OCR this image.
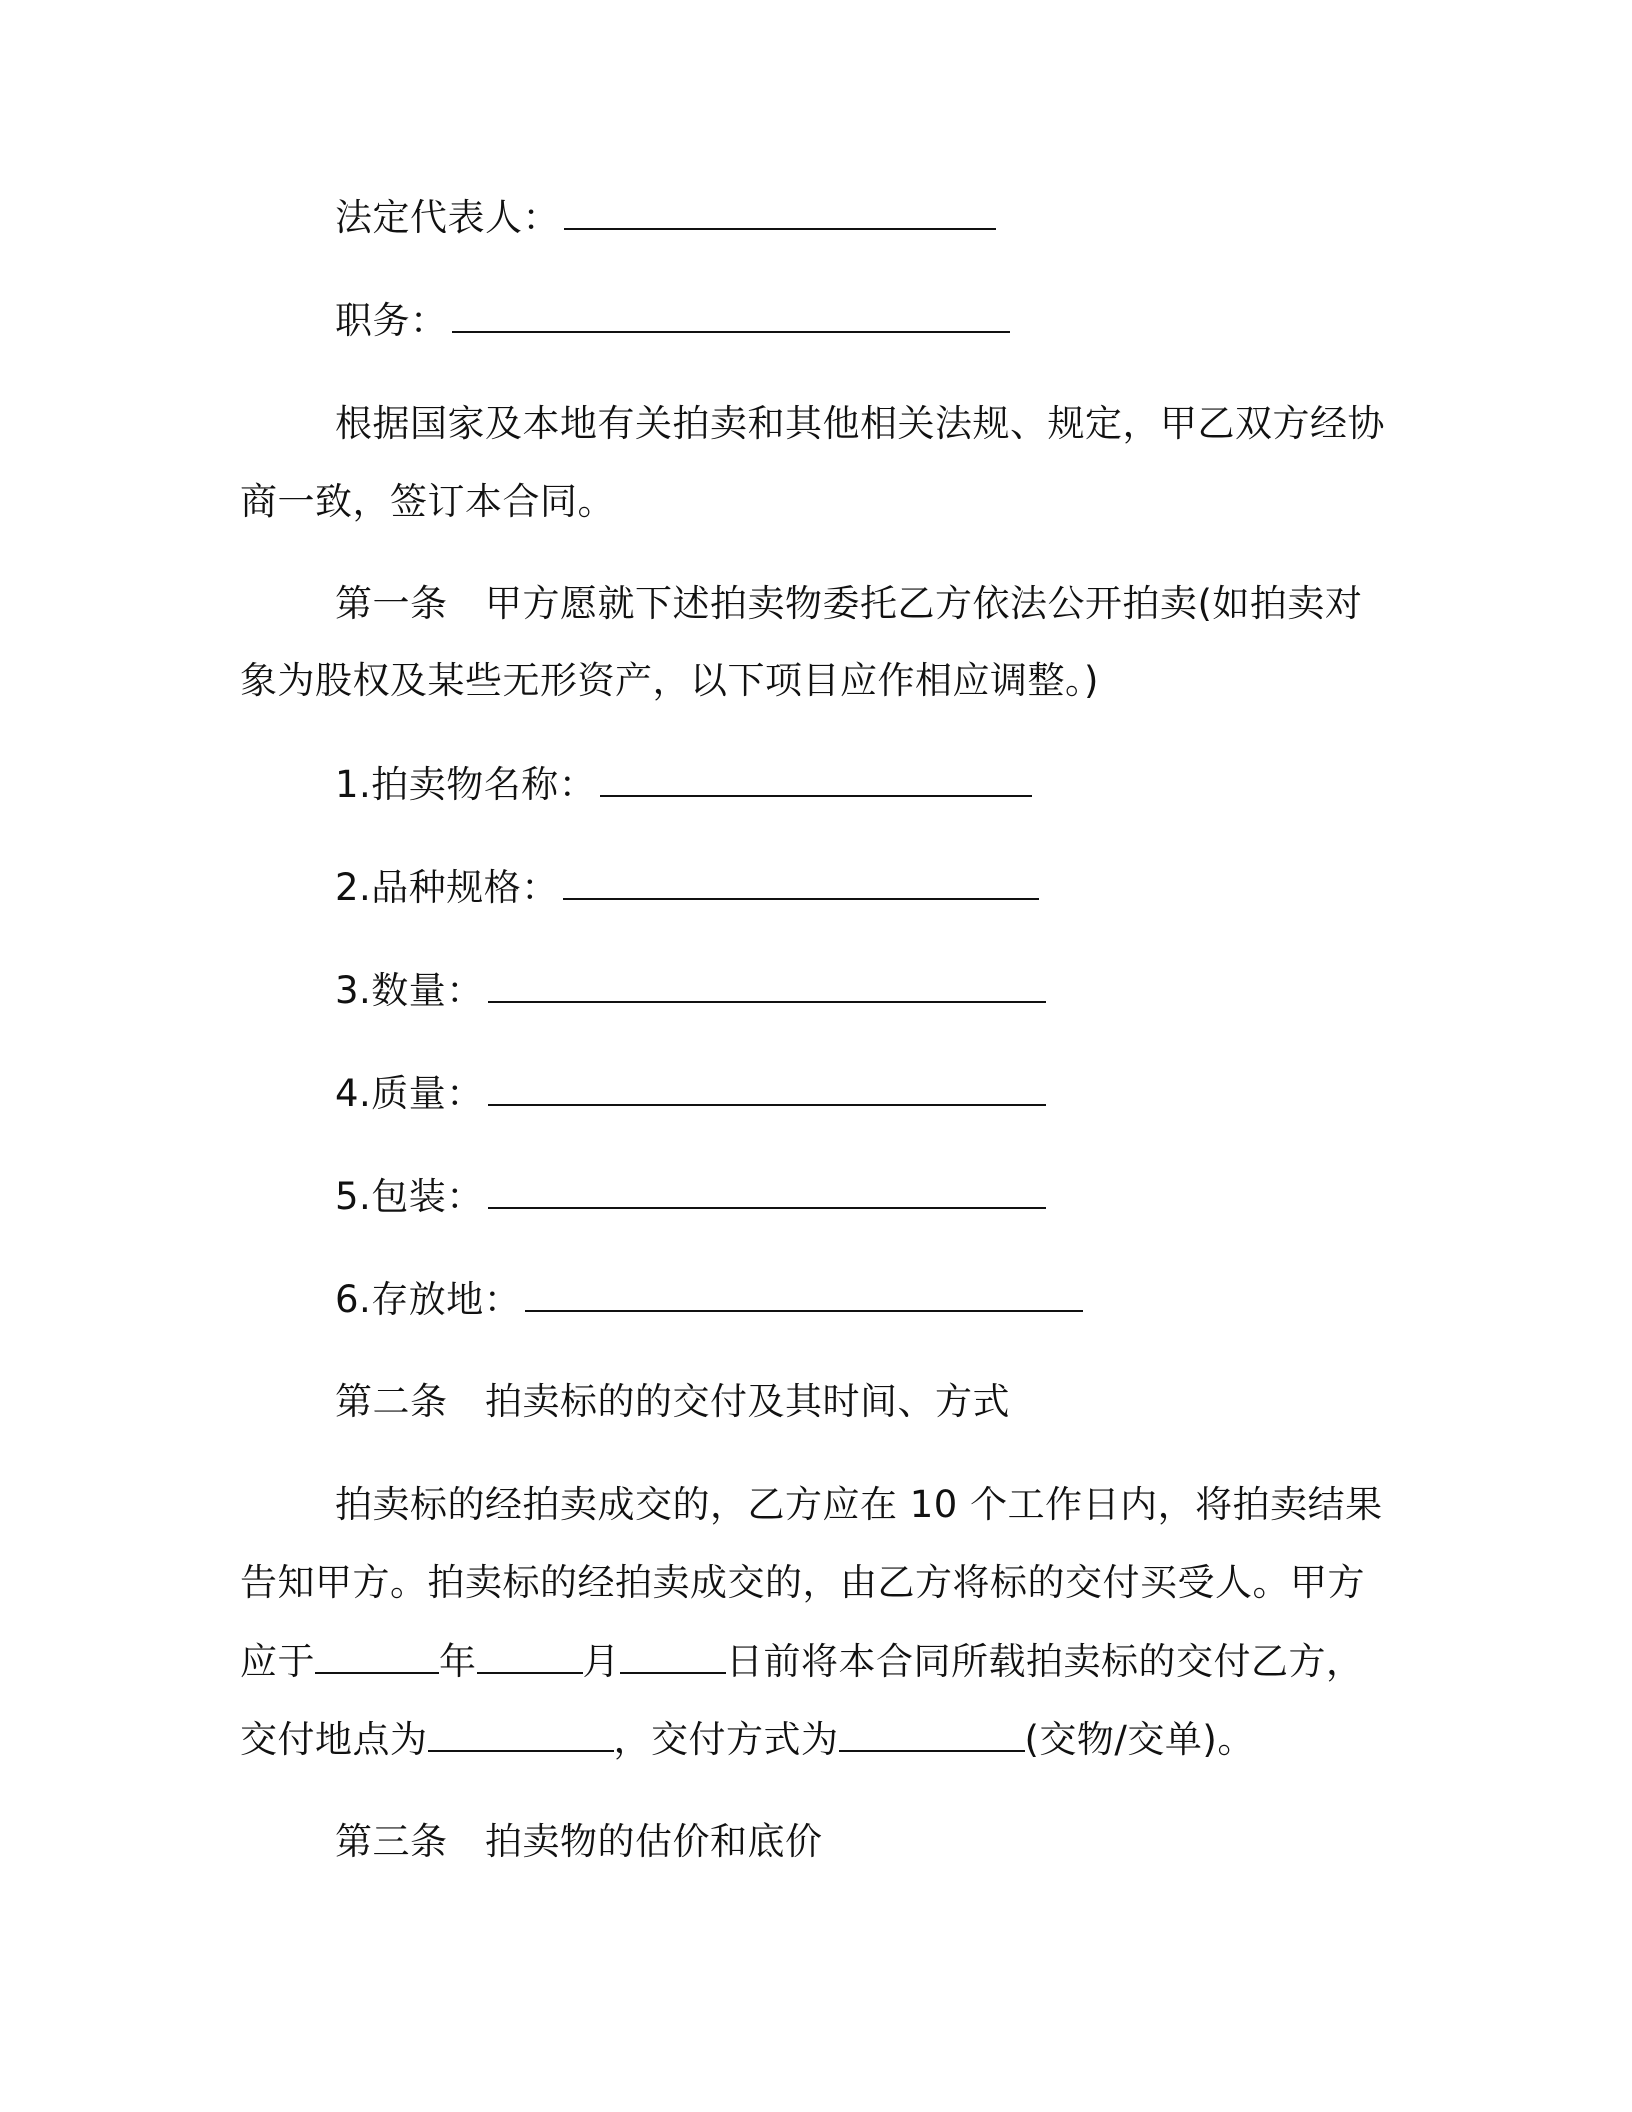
法定代表人：
职务：
根据国家及本地有关拍卖和其他相关法规、规定，甲乙双方经协
商一致，签订本合同。
第一条　甲方愿就下述拍卖物委托乙方依法公开拍卖(如拍卖对
象为股权及某些无形资产，以下项目应作相应调整。)
1.拍卖物名称：
2.品种规格：
3.数量：
4.质量：
5.包装：
6.存放地：
第二条　拍卖标的的交付及其时间、方式
拍卖标的经拍卖成交的，乙方应在 10 个工作日内，将拍卖结果
告知甲方。拍卖标的经拍卖成交的，由乙方将标的交付买受人。甲方
应于	年	月	日前将本合同所载拍卖标的交付乙方，
交付地点为	，交付方式为	(交物/交单)。
第三条　拍卖物的估价和底价
